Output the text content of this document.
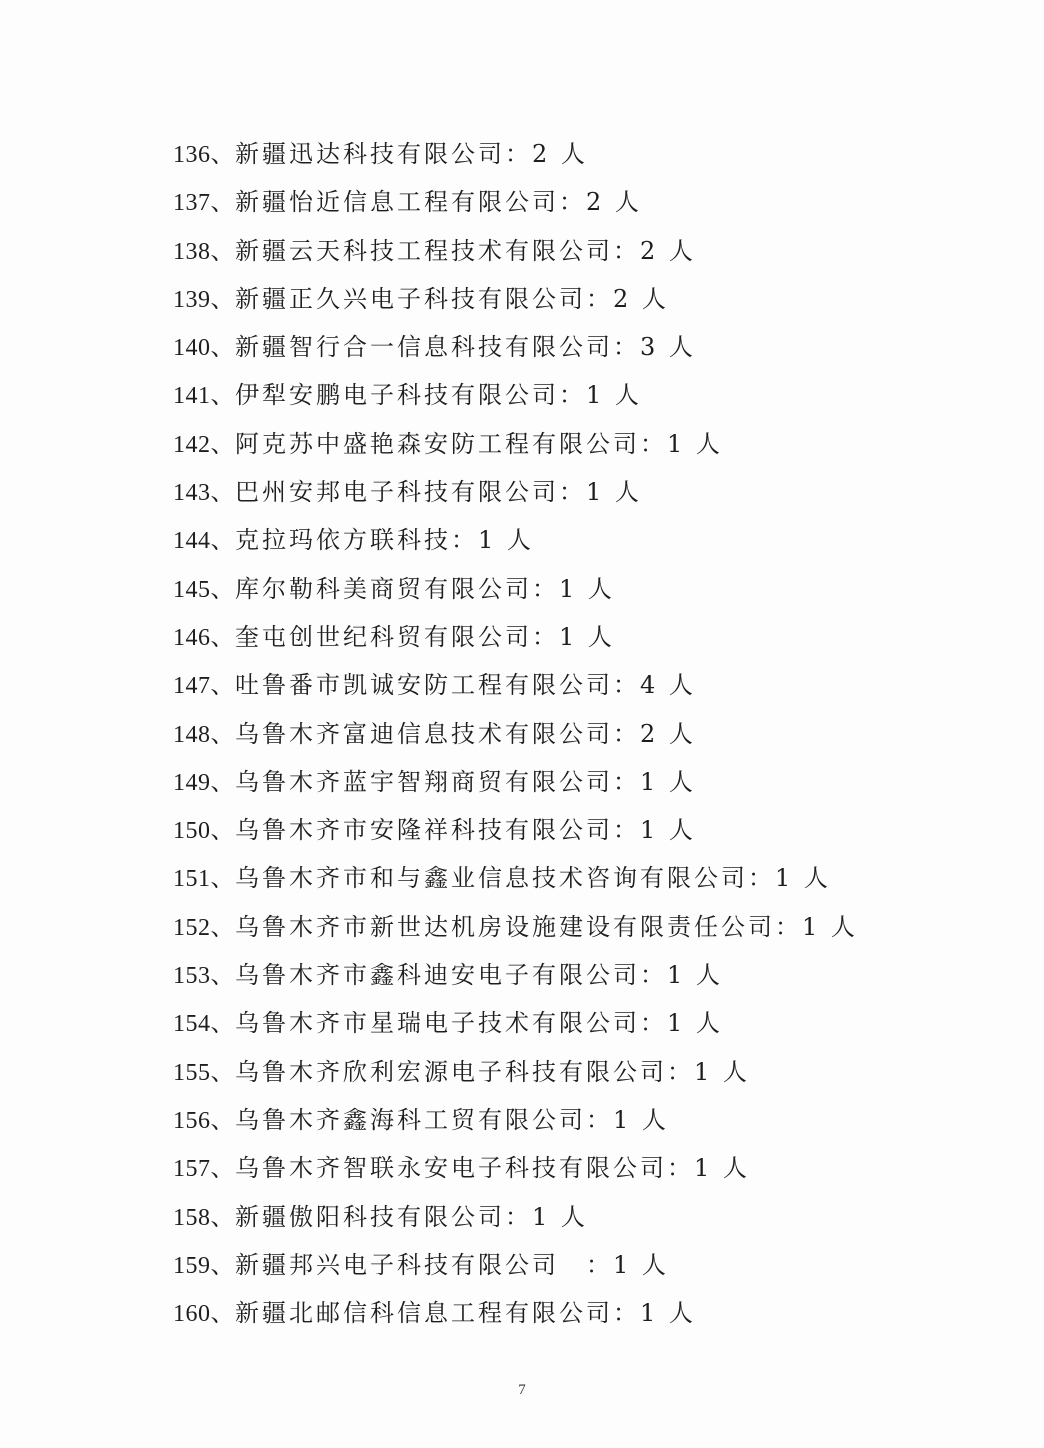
136、新疆迅达科技有限公司：2 人
137、新疆怡近信息工程有限公司：2 人
138、新疆云天科技工程技术有限公司：2 人
139、新疆正久兴电子科技有限公司：2 人
140、新疆智行合一信息科技有限公司：3 人
141、伊犁安鹏电子科技有限公司：1 人
142、阿克苏中盛艳森安防工程有限公司：1 人
143、巴州安邦电子科技有限公司：1 人
144、克拉玛依方联科技：1 人
145、库尔勒科美商贸有限公司：1 人
146、奎屯创世纪科贸有限公司：1 人
147、吐鲁番市凯诚安防工程有限公司：4 人
148、乌鲁木齐富迪信息技术有限公司：2 人
149、乌鲁木齐蓝宇智翔商贸有限公司：1 人
150、乌鲁木齐市安隆祥科技有限公司：1 人
151、乌鲁木齐市和与鑫业信息技术咨询有限公司：1 人
152、乌鲁木齐市新世达机房设施建设有限责任公司：1 人
153、乌鲁木齐市鑫科迪安电子有限公司：1 人
154、乌鲁木齐市星瑞电子技术有限公司：1 人
155、乌鲁木齐欣利宏源电子科技有限公司：1 人
156、乌鲁木齐鑫海科工贸有限公司：1 人
157、乌鲁木齐智联永安电子科技有限公司：1 人
158、新疆傲阳科技有限公司：1 人
159、新疆邦兴电子科技有限公司　：1 人
160、新疆北邮信科信息工程有限公司：1 人
7
